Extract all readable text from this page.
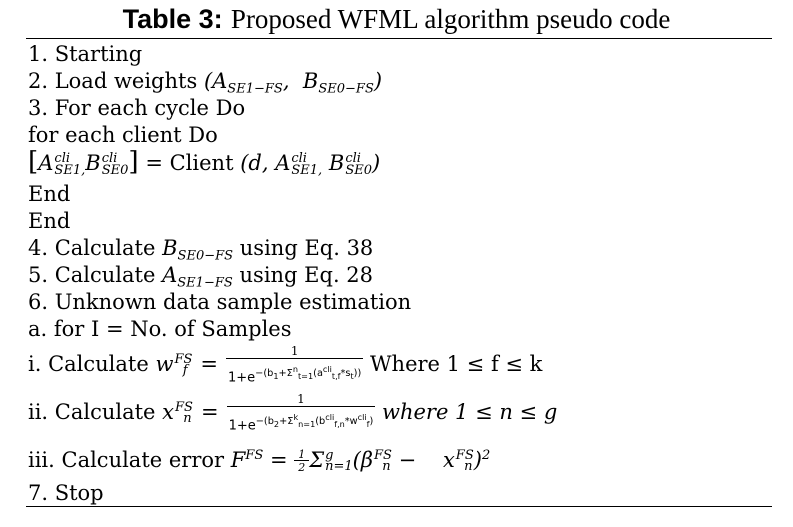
Table 3: Proposed WFML algorithm pseudo code
1. Starting
2. Load weights ($A_{SE1-FS}$,  $B_{SE0-FS}$)
3. For each cycle Do
for each client Do
[A cli
SE1, B cli
SE0 ] = Client (d, A cli
SE1, B cli
SE0 )
End
End
4. Calculate $B_{SE0-FS}$ using Eq. 38
5. Calculate $A_{SE1-FS}$ using Eq. 28
6. Unknown data sample estimation
a. for I = No. of Samples
i. Calculate w FS
$f = \frac{1}{1+e^{-(b_1+\Sigma^n_{t=1}(a^{cli}_{t,f}*s_t))}}$ Where 1 ≤ f ≤ k
ii. Calculate x FS
$n = \frac{1}{1+e^{-(b_2+\Sigma^k_{n=1}(b^{cli}_{f,n}*w^{cli}_f)}}$ where 1 ≤ n ≤ g
iii. Calculate error $F^{FS} = \frac{1}{2}$ Σ g
n=1 (β FS
n −    x FS
n )$^2$
7. Stop
